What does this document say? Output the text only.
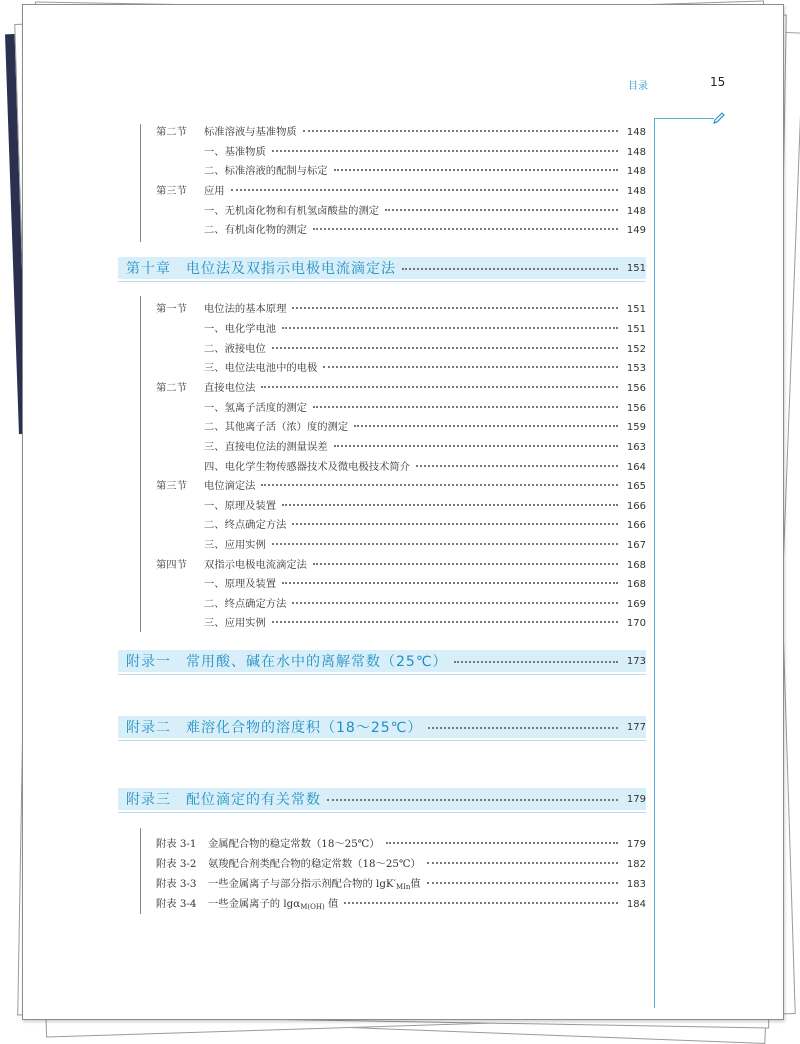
目录	15
第二节	标准溶液与基准物质	148
一、基准物质	148
二、标准溶液的配制与标定	148
第三节	应用	148
一、无机卤化物和有机氢卤酸盐的测定	148
二、有机卤化物的测定	149
第十章　电位法及双指示电极电流滴定法	151
第一节	电位法的基本原理	151
一、电化学电池	151
二、液接电位	152
三、电位法电池中的电极	153
第二节	直接电位法	156
一、氢离子活度的测定	156
二、其他离子活（浓）度的测定	159
三、直接电位法的测量误差	163
四、电化学生物传感器技术及微电极技术简介	164
第三节	电位滴定法	165
一、原理及装置	166
二、终点确定方法	166
三、应用实例	167
第四节	双指示电极电流滴定法	168
一、原理及装置	168
二、终点确定方法	169
三、应用实例	170
附录一　常用酸、碱在水中的离解常数（25℃）	173
附录二　难溶化合物的溶度积（18～25℃）	177
附录三　配位滴定的有关常数	179
附表 3-1	金属配合物的稳定常数（18～25℃）	179
附表 3-2	氨羧配合剂类配合物的稳定常数（18～25℃）	182
附表 3-3	一些金属离子与部分指示剂配合物的 $\lg K'_{MIn}$值	183
附表 3-4	一些金属离子的 lgα$_{M(OH)}$ 值	184
